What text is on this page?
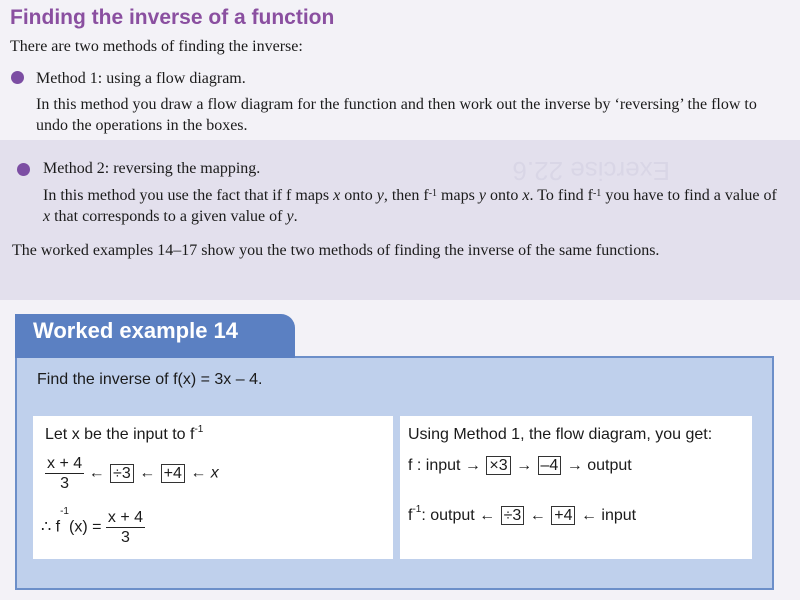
Finding the inverse of a function
There are two methods of finding the inverse:
Method 1: using a flow diagram.
In this method you draw a flow diagram for the function and then work out the inverse by ‘reversing’ the flow to undo the operations in the boxes.
Method 2: reversing the mapping.
In this method you use the fact that if f maps x onto y, then $f^{-1}$ maps y onto x. To find $f^{-1}$ you have to find a value of x that corresponds to a given value of y.
The worked examples 14–17 show you the two methods of finding the inverse of the same functions.
Worked example 14
Find the inverse of f(x) = 3x – 4.
Let x be the input to $f^{-1}$
$\frac{x + 4}{3}$ ← ÷3 ← +4 ← x
∴ $f^{-1}(x) = \frac{x + 4}{3}$
Using Method 1, the flow diagram, you get:
f : input → ×3 → –4 → output
$f^{-1}$: output ← ÷3 ← +4 ← input
